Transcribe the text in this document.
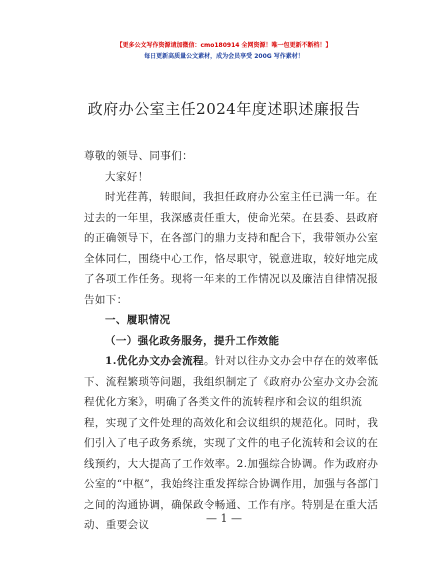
【更多公文写作资源请加微信：cmo180914 全网资源！唯一包更新不断档！】
每日更新高质量公文素材，成为会员享受 200G 写作素材！
政府办公室主任2024年度述职述廉报告

尊敬的领导、同事们：

大家好！

时光荏苒，转眼间，我担任政府办公室主任已满一年。在过去的一年里，我深感责任重大，使命光荣。在县委、县政府的正确领导下，在各部门的鼎力支持和配合下，我带领办公室全体同仁，围绕中心工作，恪尽职守，锐意进取，较好地完成了各项工作任务。现将一年来的工作情况以及廉洁自律情况报告如下：

一、履职情况

（一）强化政务服务，提升工作效能

1.优化办文办会流程。针对以往办文办会中存在的效率低下、流程繁琐等问题，我组织制定了《政府办公室办文办会流程优化方案》，明确了各类文件的流转程序和会议的组织流程，实现了文件处理的高效化和会议组织的规范化。同时，我们引入了电子政务系统，实现了文件的电子化流转和会议的在线预约，大大提高了工作效率。2.加强综合协调。作为政府办公室的“中枢”，我始终注重发挥综合协调作用，加强与各部门之间的沟通协调，确保政令畅通、工作有序。特别是在重大活动、重要会议	— 1 —
